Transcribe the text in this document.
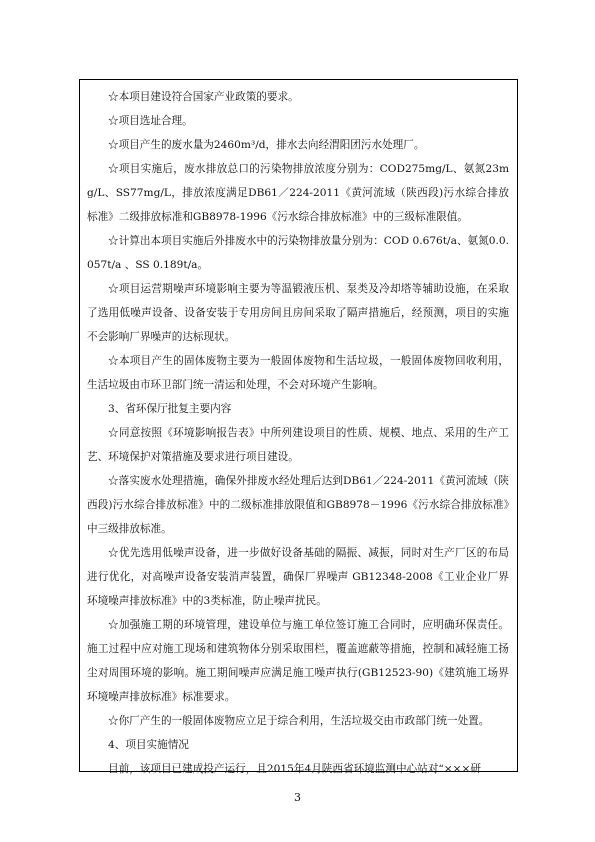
☆本项目建设符合国家产业政策的要求。

☆项目选址合理。

☆项目产生的废水量为2460m³/d，排水去向经渭阳团污水处理厂。

☆项目实施后，废水排放总口的污染物排放浓度分别为：COD275mg/L、氨氮23mg/L、SS77mg/L，排放浓度满足DB61／224-2011《黄河流域（陕西段)污水综合排放标准》二级排放标准和GB8978-1996《污水综合排放标准》中的三级标准限值。

☆计算出本项目实施后外排废水中的污染物排放量分别为：COD 0.676t/a、氨氮0.0.057t/a 、SS 0.189t/a。

☆项目运营期噪声环境影响主要为等温锻液压机、泵类及冷却塔等辅助设施，在采取了选用低噪声设备、设备安装于专用房间且房间采取了隔声措施后，经预测，项目的实施不会影响厂界噪声的达标现状。

☆本项目产生的固体废物主要为一般固体废物和生活垃圾，一般固体废物回收利用，生活垃圾由市环卫部门统一清运和处理，不会对环境产生影响。

3、省环保厅批复主要内容

☆同意按照《环境影响报告表》中所列建设项目的性质、规模、地点、采用的生产工艺、环境保护对策措施及要求进行项目建设。

☆落实废水处理措施，确保外排废水经处理后达到DB61／224-2011《黄河流域（陕西段)污水综合排放标准》中的二级标准排放限值和GB8978－1996《污水综合排放标准》中三级排放标准。

☆优先选用低噪声设备，进一步做好设备基础的隔振、减振，同时对生产厂区的布局进行优化，对高噪声设备安装消声装置，确保厂界噪声 GB12348-2008《工业企业厂界环境噪声排放标准》中的3类标准，防止噪声扰民。

☆加强施工期的环境管理，建设单位与施工单位签订施工合同时，应明确环保责任。施工过程中应对施工现场和建筑物体分别采取围栏，覆盖遮蔽等措施，控制和减轻施工扬尘对周围环境的影响。施工期间噪声应满足施工噪声执行(GB12523-90)《建筑施工场界环境噪声排放标准》标准要求。

☆你厂产生的一般固体废物应立足于综合利用，生活垃圾交由市政部门统一处置。

4、项目实施情况

目前，该项目已建成投产运行，且2015年4月陕西省环境监测中心站对“×××研

3
